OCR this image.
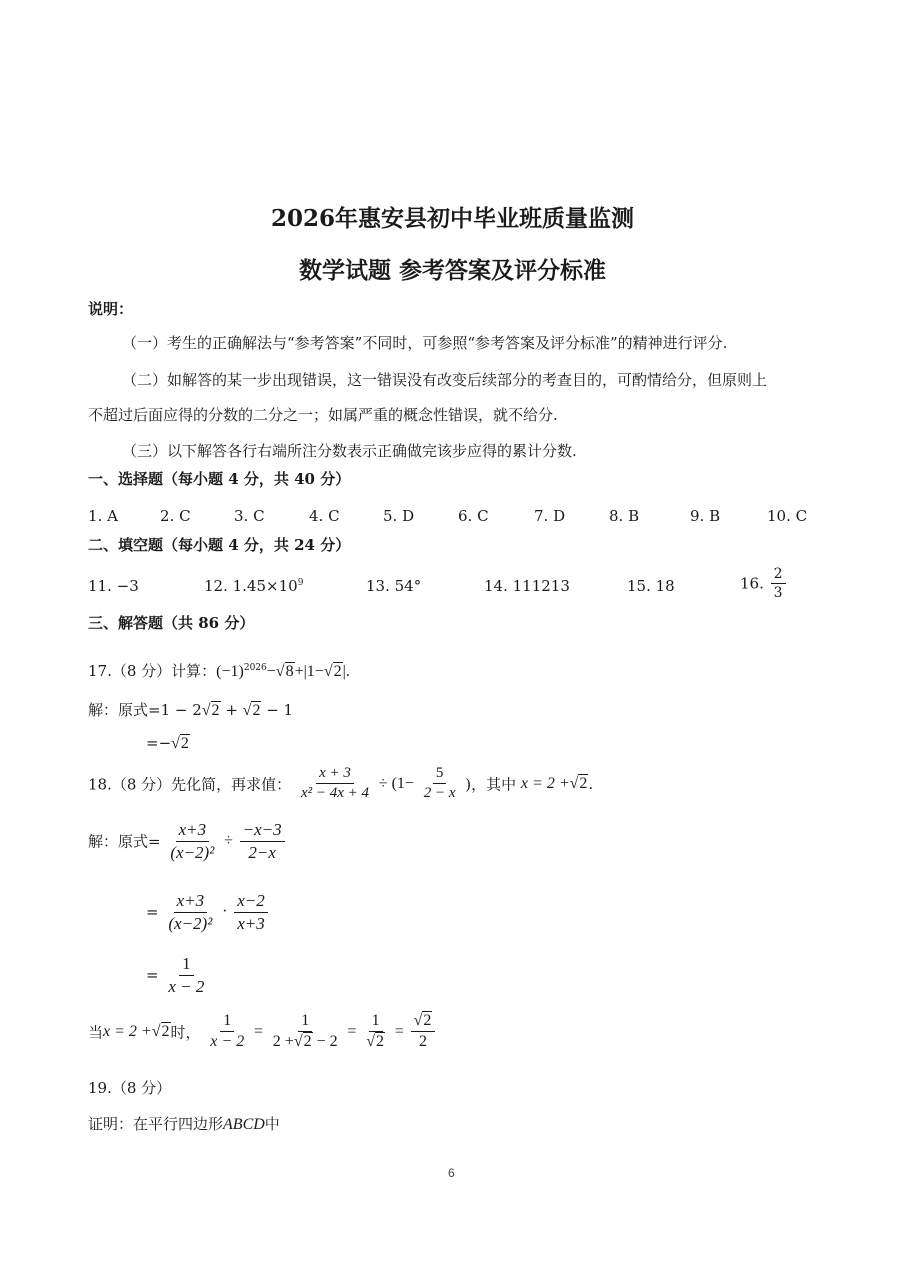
2026年惠安县初中毕业班质量监测
数学试题 参考答案及评分标准
说明：
（一）考生的正确解法与“参考答案”不同时，可参照“参考答案及评分标准”的精神进行评分.
（二）如解答的某一步出现错误，这一错误没有改变后续部分的考查目的，可酌情给分，但原则上
不超过后面应得的分数的二分之一；如属严重的概念性错误，就不给分.
（三）以下解答各行右端所注分数表示正确做完该步应得的累计分数.
一、选择题（每小题 4 分，共 40 分）
1. A	2. C	3. C	4. C	5. D	6. C	7. D	8. B	9. B	10. C
二、填空题（每小题 4 分，共 24 分）
11. −3	12. $1.45\times 10^9$	13. 54°	14. 111213	15. 18	16. $\frac{2}{3}$
三、解答题（共 86 分）
17.（8 分）计算：$(-1)^{2026}-√8+|1-√2|$.
解：原式=1 − 2√2 + √2 − 1
=−√2
18.（8 分）先化简，再求值： $\frac{x + 3}{\text{x² − 4x + 4}} \div (1- \frac{5}{2 - x}$ )，其中 x = 2 +√2.
解：原式= $\frac{x+3}{\text{(x−2)²}} \div \frac{-x-3}{2-x}$
= $\frac{x+3}{\text{(x−2)²}} \cdot \frac{x-2}{x+3}$
= $\frac{1}{x - 2}$
当x = 2 +√2时， $\frac{1}{x - 2} = \frac{1}{2 +√2 - 2} = \frac{1}{√2} = \frac{√2}{2}$
19.（8 分）
证明：在平行四边形ABCD中
6
